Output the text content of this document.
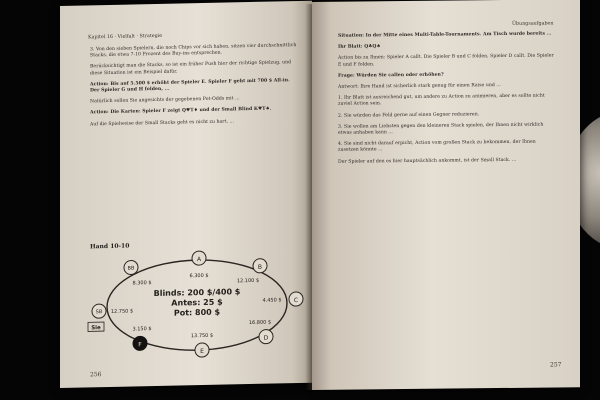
Kapitel 16 · Vielfalt · Strategie

3. Von den sieben Spielern, die noch Chips vor sich haben, sitzen vier durchschnittlich Stacks, die etwa 7-10 Prozent des Buy-ins entsprechen.

Berücksichtigt man die Stacks, so ist ein früher Push hier der richtige Spielzug, und diese Situation ist ein Beispiel dafür.

Action: Bis auf 5.500 $ erhöht der Spieler E. Spieler F geht mit 700 $ All-in. Der Spieler G und H folden, ...

Natürlich sollen Sie angesichts der gegebenen Pot-Odds mit ...

Action: Die Karten: Spieler F zeigt Q♥T♦ und der Small Blind K♥T♠.

Auf die Spielweise der Small Stacks geht es nicht zu hart, ...

Hand 10-10
Blinds: 200 $/400 $
Antes: 25 $
Pot: 800 $
A
6.300 $
B
12.100 $
C
4.450 $
D
16.800 $
E
13.750 $
F
3.150 $
SB 12.750 $
Sie
BB
8.300 $
256
Übungsaufgaben

Situation: In der Mitte eines Multi-Table-Tournaments. Am Tisch wurde bereits ...

Ihr Blatt: Q♣Q♠

Action bis zu Ihnen: Spieler A callt. Die Spieler B und C folden, Spieler D callt. Die Spieler E und F folden.

Frage: Würden Sie callen oder erhöhen?

Antwort: Ihre Hand ist sicherlich stark genug für einen Raise und ...

1. Ihr Blatt ist ausreichend gut, um andere zu Action zu animieren, aber es sollte nicht zuviel Action sein.

2. Sie würden das Feld gerne auf einen Gegner reduzieren.

3. Sie wollen am Liebsten gegen den kleineren Stack spielen, der Ihnen nicht wirklich etwas anhaben kann ...

4. Sie sind nicht darauf erpicht, Action vom großen Stack zu bekommen, der Ihnen zusetzen könnte ...

Der Spieler auf den es hier hauptsächlich ankommt, ist der Small Stack. ...

257
